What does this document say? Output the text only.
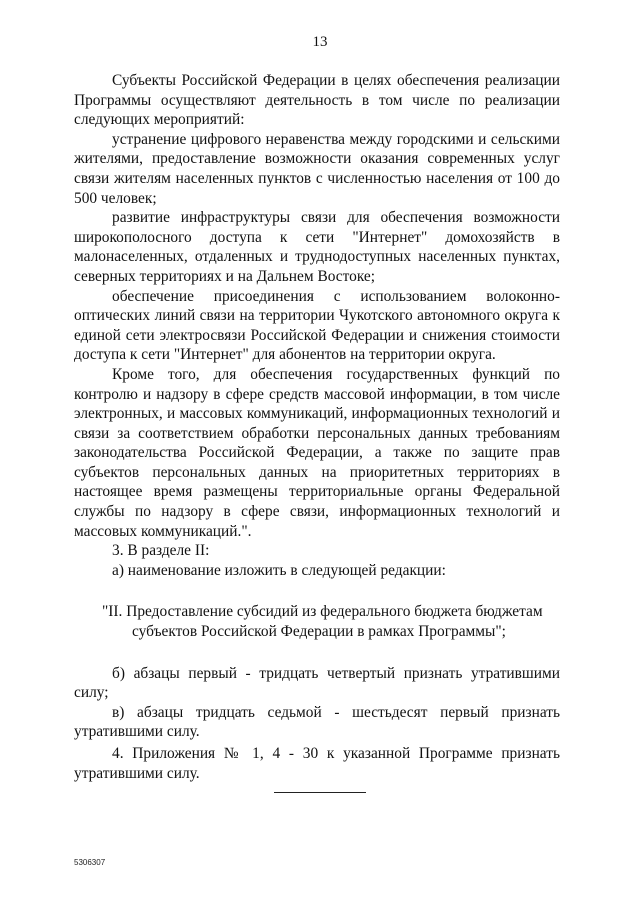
13

Субъекты Российской Федерации в целях обеспечения реализации Программы осуществляют деятельность в том числе по реализации следующих мероприятий:

устранение цифрового неравенства между городскими и сельскими жителями, предоставление возможности оказания современных услуг связи жителям населенных пунктов с численностью населения от 100 до 500 человек;

развитие инфраструктуры связи для обеспечения возможности широкополосного доступа к сети "Интернет" домохозяйств в малонаселенных, отдаленных и труднодоступных населенных пунктах, северных территориях и на Дальнем Востоке;

обеспечение присоединения с использованием волоконно-оптических линий связи на территории Чукотского автономного округа к единой сети электросвязи Российской Федерации и снижения стоимости доступа к сети "Интернет" для абонентов на территории округа.

Кроме того, для обеспечения государственных функций по контролю и надзору в сфере средств массовой информации, в том числе электронных, и массовых коммуникаций, информационных технологий и связи за соответствием обработки персональных данных требованиям законодательства Российской Федерации, а также по защите прав субъектов персональных данных на приоритетных территориях в настоящее время размещены территориальные органы Федеральной службы по надзору в сфере связи, информационных технологий и массовых коммуникаций.".

3. В разделе II:

а) наименование изложить в следующей редакции:

"II. Предоставление субсидий из федерального бюджета бюджетам
субъектов Российской Федерации в рамках Программы";

б) абзацы первый - тридцать четвертый признать утратившими силу;

в) абзацы тридцать седьмой - шестьдесят первый признать утратившими силу.

4. Приложения № 1, 4 - 30 к указанной Программе признать утратившими силу.

5306307
